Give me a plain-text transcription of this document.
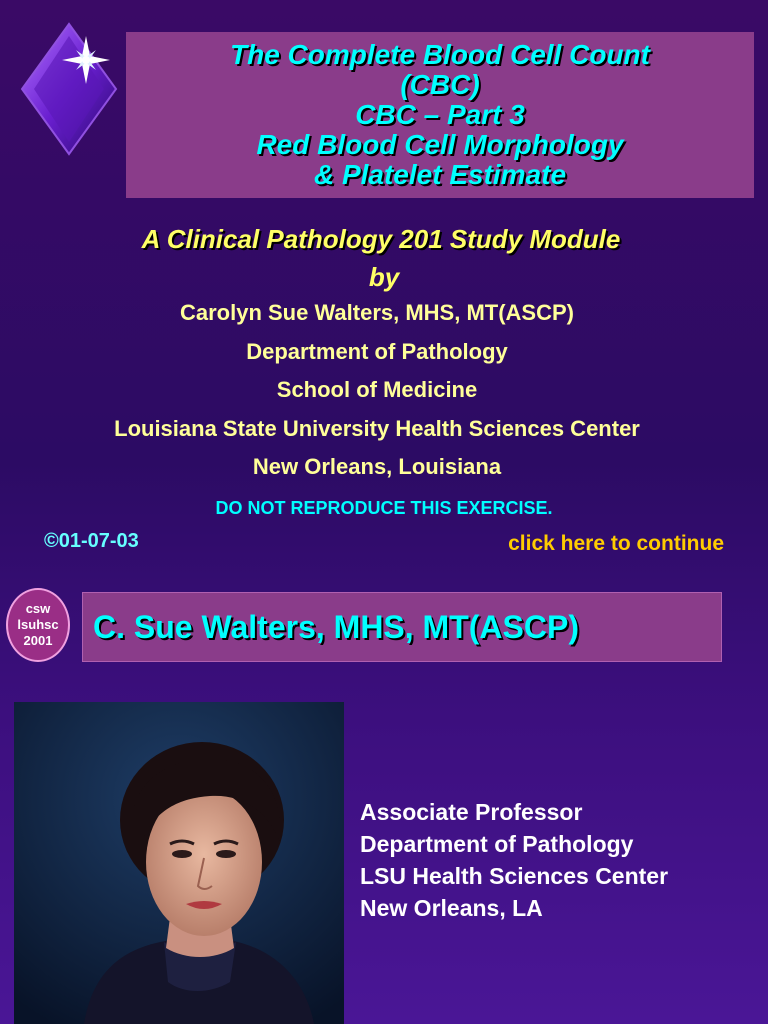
The Complete Blood Cell Count
(CBC)
CBC – Part 3
Red Blood Cell Morphology
& Platelet Estimate
A Clinical Pathology 201 Study Module
by
Carolyn Sue Walters, MHS, MT(ASCP)
Department of Pathology
School of Medicine
Louisiana State University Health Sciences Center
New Orleans, Louisiana
DO NOT REPRODUCE THIS EXERCISE.
©01-07-03	click here to continue
csw
lsuhsc
2001 C. Sue Walters, MHS, MT(ASCP)
Associate Professor
Department of Pathology
LSU Health Sciences Center
New Orleans, LA
